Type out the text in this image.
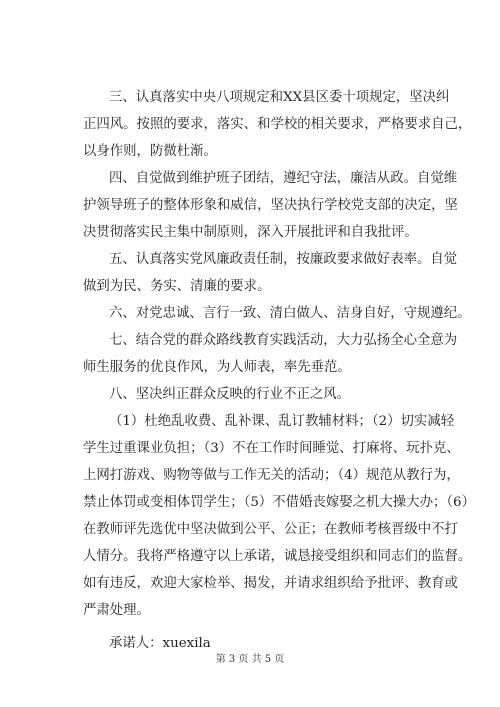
三、认真落实中央八项规定和XX县区委十项规定，坚决纠
正四风。按照的要求，落实、和学校的相关要求，严格要求自己，
以身作则，防微杜渐。
四、自觉做到维护班子团结，遵纪守法，廉洁从政。自觉维
护领导班子的整体形象和威信，坚决执行学校党支部的决定，坚
决贯彻落实民主集中制原则，深入开展批评和自我批评。
五、认真落实党风廉政责任制，按廉政要求做好表率。自觉
做到为民、务实、清廉的要求。
六、对党忠诚、言行一致、清白做人、洁身自好，守规遵纪。
七、结合党的群众路线教育实践活动，大力弘扬全心全意为
师生服务的优良作风，为人师表，率先垂范。
八、坚决纠正群众反映的行业不正之风。
（1）杜绝乱收费、乱补课、乱订教辅材料；（2）切实减轻
学生过重课业负担；（3）不在工作时间睡觉、打麻将、玩扑克、
上网打游戏、购物等做与工作无关的活动；（4）规范从教行为，
禁止体罚或变相体罚学生；（5）不借婚丧嫁娶之机大操大办；（6）
在教师评先选优中坚决做到公平、公正；在教师考核晋级中不打
人情分。我将严格遵守以上承诺，诚恳接受组织和同志们的监督。
如有违反，欢迎大家检举、揭发，并请求组织给予批评、教育或
严肃处理。
承诺人：xuexila
第 3 页 共 5 页
